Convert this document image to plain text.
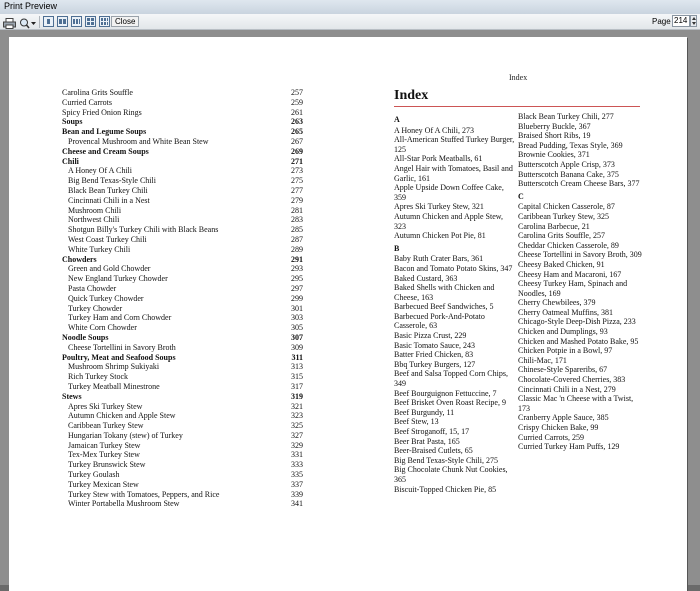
Print Preview
Close	Page 214
Index
Carolina Grits Souffle	257
Curried Carrots	259
Spicy Fried Onion Rings	261
Soups	263
Bean and Legume Soups	265
Provencal Mushroom and White Bean Stew	267
Cheese and Cream Soups	269
Chili	271
A Honey Of A Chili	273
Big Bend Texas-Style Chili	275
Black Bean Turkey Chili	277
Cincinnati Chili in a Nest	279
Mushroom Chili	281
Northwest Chili	283
Shotgun Billy's Turkey Chili with Black Beans	285
West Coast Turkey Chili	287
White Turkey Chili	289
Chowders	291
Green and Gold Chowder	293
New England Turkey Chowder	295
Pasta Chowder	297
Quick Turkey Chowder	299
Turkey Chowder	301
Turkey Ham and Corn Chowder	303
White Corn Chowder	305
Noodle Soups	307
Cheese Tortellini in Savory Broth	309
Poultry, Meat and Seafood Soups	311
Mushroom Shrimp Sukiyaki	313
Rich Turkey Stock	315
Turkey Meatball Minestrone	317
Stews	319
Apres Ski Turkey Stew	321
Autumn Chicken and Apple Stew	323
Caribbean Turkey Stew	325
Hungarian Tokany (stew) of Turkey	327
Jamaican Turkey Stew	329
Tex-Mex Turkey Stew	331
Turkey Brunswick Stew	333
Turkey Goulash	335
Turkey Mexican Stew	337
Turkey Stew with Tomatoes, Peppers, and Rice	339
Winter Portabella Mushroom Stew	341
Index
A
A Honey Of A Chili, 273
All-American Stuffed Turkey Burger, 125
All-Star Pork Meatballs, 61
Angel Hair with Tomatoes, Basil and Garlic, 161
Apple Upside Down Coffee Cake, 359
Apres Ski Turkey Stew, 321
Autumn Chicken and Apple Stew, 323
Autumn Chicken Pot Pie, 81
B
Baby Ruth Crater Bars, 361
Bacon and Tomato Potato Skins, 347
Baked Custard, 363
Baked Shells with Chicken and Cheese, 163
Barbecued Beef Sandwiches, 5
Barbecued Pork-And-Potato Casserole, 63
Basic Pizza Crust, 229
Basic Tomato Sauce, 243
Batter Fried Chicken, 83
Bbq Turkey Burgers, 127
Beef and Salsa Topped Corn Chips, 349
Beef Bourguignon Fettuccine, 7
Beef Brisket Oven Roast Recipe, 9
Beef Burgundy, 11
Beef Stew, 13
Beef Stroganoff, 15, 17
Beer Brat Pasta, 165
Beer-Braised Cutlets, 65
Big Bend Texas-Style Chili, 275
Big Chocolate Chunk Nut Cookies, 365
Biscuit-Topped Chicken Pie, 85
Black Bean Turkey Chili, 277
Blueberry Buckle, 367
Braised Short Ribs, 19
Bread Pudding, Texas Style, 369
Brownie Cookies, 371
Butterscotch Apple Crisp, 373
Butterscotch Banana Cake, 375
Butterscotch Cream Cheese Bars, 377
C
Capital Chicken Casserole, 87
Caribbean Turkey Stew, 325
Carolina Barbecue, 21
Carolina Grits Souffle, 257
Cheddar Chicken Casserole, 89
Cheese Tortellini in Savory Broth, 309
Cheesy Baked Chicken, 91
Cheesy Ham and Macaroni, 167
Cheesy Turkey Ham, Spinach and Noodles, 169
Cherry Chewbilees, 379
Cherry Oatmeal Muffins, 381
Chicago-Style Deep-Dish Pizza, 233
Chicken and Dumplings, 93
Chicken and Mashed Potato Bake, 95
Chicken Potpie in a Bowl, 97
Chili-Mac, 171
Chinese-Style Spareribs, 67
Chocolate-Covered Cherries, 383
Cincinnati Chili in a Nest, 279
Classic Mac 'n Cheese with a Twist, 173
Cranberry Apple Sauce, 385
Crispy Chicken Bake, 99
Curried Carrots, 259
Curried Turkey Ham Puffs, 129
